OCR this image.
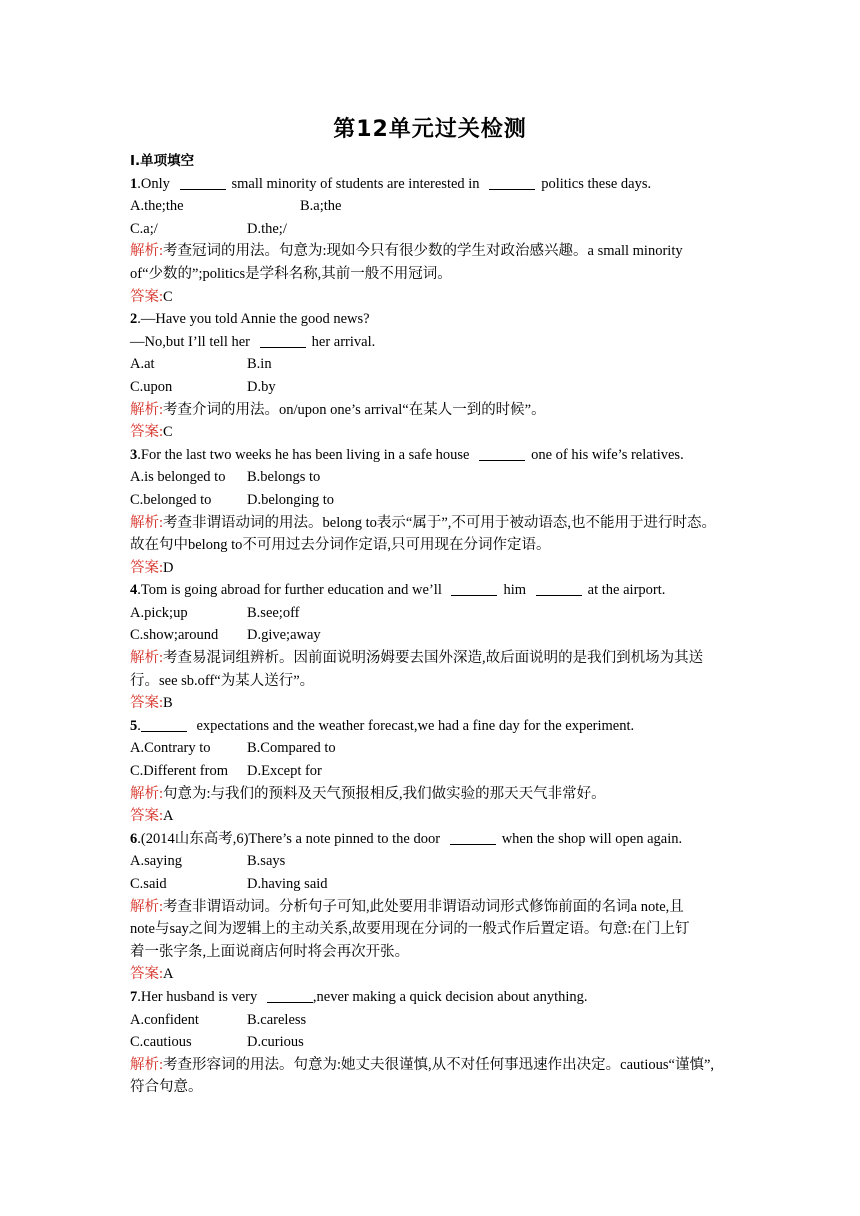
第12单元过关检测
Ⅰ.单项填空
1.Only	small minority of students are interested in	politics these days.
A.the;the	B.a;the
C.a;/	D.the;/
解析:考查冠词的用法。句意为:现如今只有很少数的学生对政治感兴趣。a small minority
of“少数的”;politics是学科名称,其前一般不用冠词。
答案:C
2.—Have you told Annie the good news?
—No,but I’ll tell her	her arrival.
A.at	B.in
C.upon	D.by
解析:考查介词的用法。on/upon one’s arrival“在某人一到的时候”。
答案:C
3.For the last two weeks he has been living in a safe house	one of his wife’s relatives.
A.is belonged to B.belongs to
C.belonged to D.belonging to
解析:考查非谓语动词的用法。belong to表示“属于”,不可用于被动语态,也不能用于进行时态。
故在句中belong to不可用过去分词作定语,只可用现在分词作定语。
答案:D
4.Tom is going abroad for further education and we’ll	him	at the airport.
A.pick;up	B.see;off
C.show;around D.give;away
解析:考查易混词组辨析。因前面说明汤姆要去国外深造,故后面说明的是我们到机场为其送
行。see sb.off“为某人送行”。
答案:B
5.	expectations and the weather forecast,we had a fine day for the experiment.
A.Contrary to	B.Compared to
C.Different from D.Except for
解析:句意为:与我们的预料及天气预报相反,我们做实验的那天天气非常好。
答案:A
6.(2014山东高考,6)There’s a note pinned to the door	when the shop will open again.
A.saying	B.says
C.said	D.having said
解析:考查非谓语动词。分析句子可知,此处要用非谓语动词形式修饰前面的名词a note,且
note与say之间为逻辑上的主动关系,故要用现在分词的一般式作后置定语。句意:在门上钉
着一张字条,上面说商店何时将会再次开张。
答案:A
7.Her husband is very	,never making a quick decision about anything.
A.confident	B.careless
C.cautious	D.curious
解析:考查形容词的用法。句意为:她丈夫很谨慎,从不对任何事迅速作出决定。cautious“谨慎”,
符合句意。
